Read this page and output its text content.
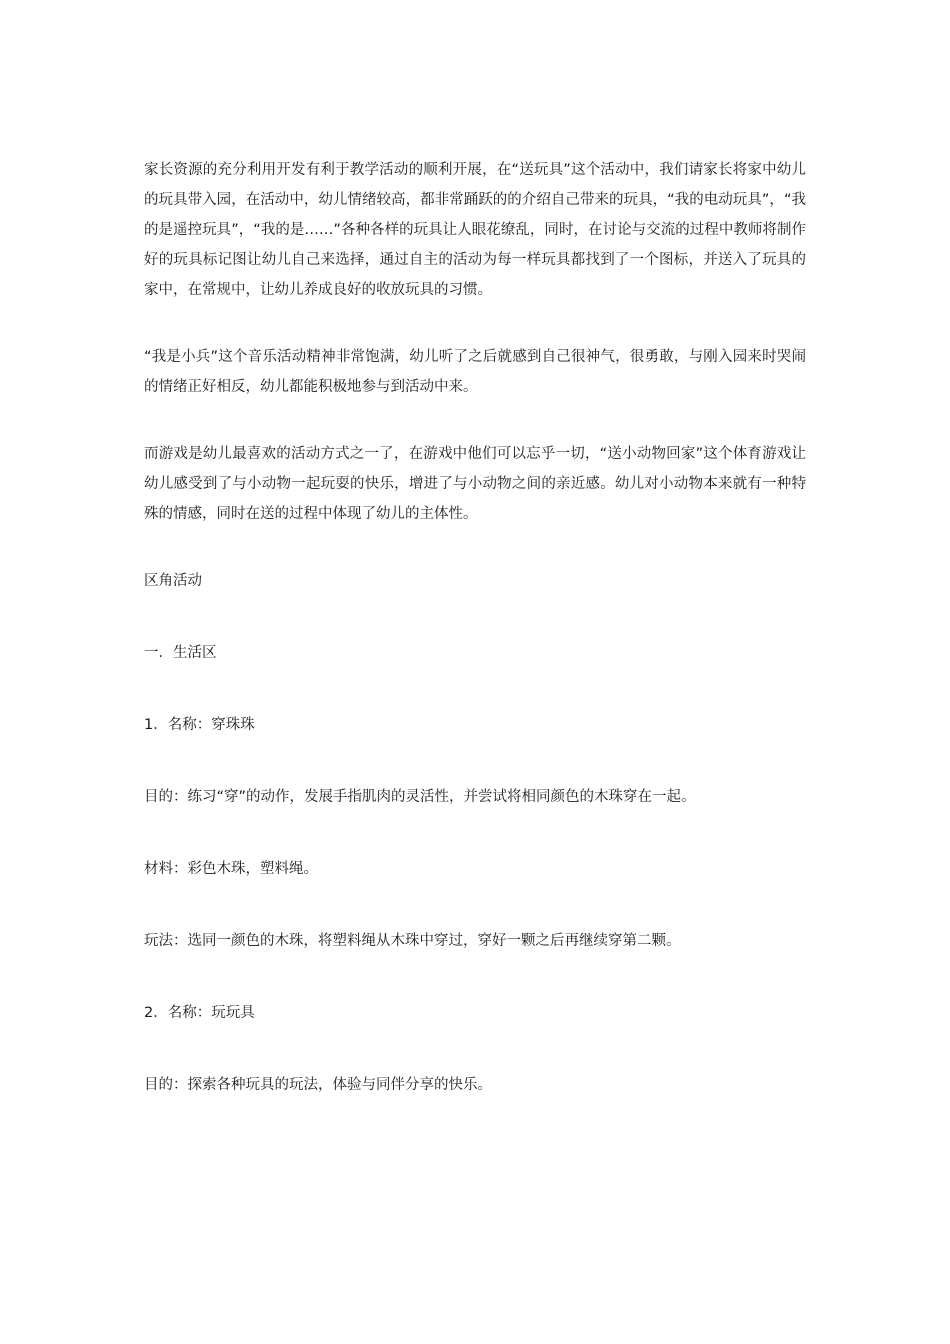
家长资源的充分利用开发有利于教学活动的顺利开展，在“送玩具”这个活动中，我们请家长将家中幼儿的玩具带入园，在活动中，幼儿情绪较高，都非常踊跃的的介绍自己带来的玩具，“我的电动玩具”，“我的是遥控玩具”，“我的是……”各种各样的玩具让人眼花缭乱，同时，在讨论与交流的过程中教师将制作好的玩具标记图让幼儿自己来选择，通过自主的活动为每一样玩具都找到了一个图标，并送入了玩具的家中，在常规中，让幼儿养成良好的收放玩具的习惯。

“我是小兵”这个音乐活动精神非常饱满，幼儿听了之后就感到自己很神气，很勇敢，与刚入园来时哭闹的情绪正好相反，幼儿都能积极地参与到活动中来。

而游戏是幼儿最喜欢的活动方式之一了，在游戏中他们可以忘乎一切，“送小动物回家”这个体育游戏让幼儿感受到了与小动物一起玩耍的快乐，增进了与小动物之间的亲近感。幼儿对小动物本来就有一种特殊的情感，同时在送的过程中体现了幼儿的主体性。

区角活动

一．生活区

1．名称：穿珠珠

目的：练习“穿”的动作，发展手指肌肉的灵活性，并尝试将相同颜色的木珠穿在一起。

材料：彩色木珠，塑料绳。

玩法：选同一颜色的木珠，将塑料绳从木珠中穿过，穿好一颗之后再继续穿第二颗。

2．名称：玩玩具

目的：探索各种玩具的玩法，体验与同伴分享的快乐。
